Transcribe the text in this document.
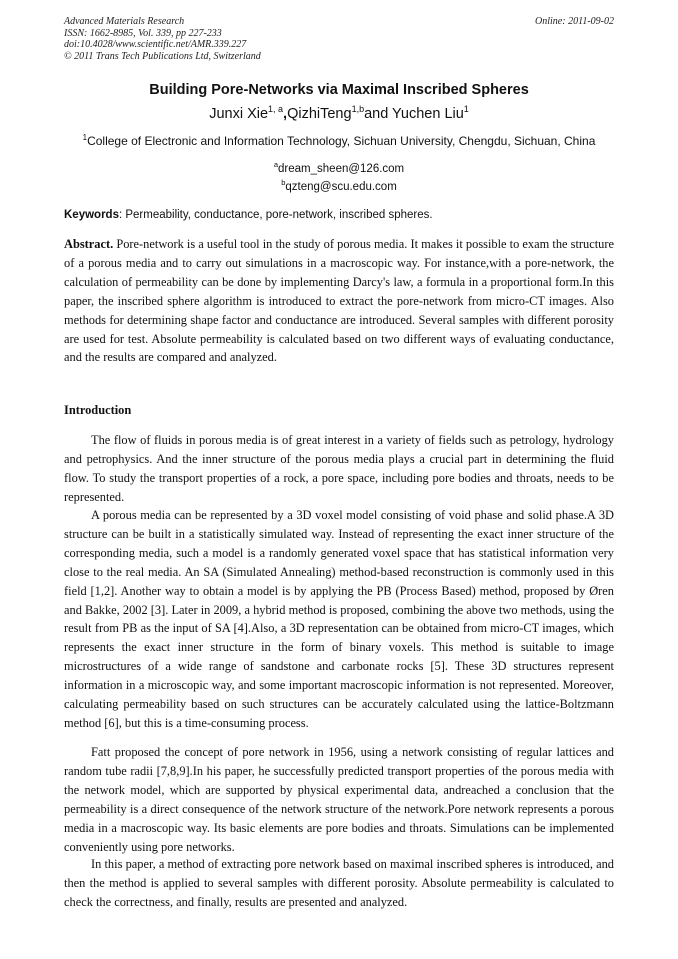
Advanced Materials Research
ISSN: 1662-8985, Vol. 339, pp 227-233
doi:10.4028/www.scientific.net/AMR.339.227
© 2011 Trans Tech Publications Ltd, Switzerland
Online: 2011-09-02
Building Pore-Networks via Maximal Inscribed Spheres
Junxi Xie$^{1, a}$,QizhiTeng$^{1,b}$and Yuchen Liu$^1$
$^1$College of Electronic and Information Technology, Sichuan University, Chengdu, Sichuan, China
$^a$dream_sheen@126.com
$^b$qzteng@scu.edu.com
Keywords: Permeability, conductance, pore-network, inscribed spheres.
Abstract. Pore-network is a useful tool in the study of porous media. It makes it possible to exam the structure of a porous media and to carry out simulations in a macroscopic way. For instance,with a pore-network, the calculation of permeability can be done by implementing Darcy's law, a formula in a proportional form.In this paper, the inscribed sphere algorithm is introduced to extract the pore-network from micro-CT images. Also methods for determining shape factor and conductance are introduced. Several samples with different porosity are used for test. Absolute permeability is calculated based on two different ways of evaluating conductance, and the results are compared and analyzed.
Introduction
The flow of fluids in porous media is of great interest in a variety of fields such as petrology, hydrology and petrophysics. And the inner structure of the porous media plays a crucial part in determining the fluid flow. To study the transport properties of a rock, a pore space, including pore bodies and throats, needs to be represented.
A porous media can be represented by a 3D voxel model consisting of void phase and solid phase.A 3D structure can be built in a statistically simulated way. Instead of representing the exact inner structure of the corresponding media, such a model is a randomly generated voxel space that has statistical information very close to the real media. An SA (Simulated Annealing) method-based reconstruction is commonly used in this field [1,2]. Another way to obtain a model is by applying the PB (Process Based) method, proposed by Øren and Bakke, 2002 [3]. Later in 2009, a hybrid method is proposed, combining the above two methods, using the result from PB as the input of SA [4].Also, a 3D representation can be obtained from micro-CT images, which represents the exact inner structure in the form of binary voxels. This method is suitable to image microstructures of a wide range of sandstone and carbonate rocks [5]. These 3D structures represent information in a microscopic way, and some important macroscopic information is not represented. Moreover, calculating permeability based on such structures can be accurately calculated using the lattice-Boltzmann method [6], but this is a time-consuming process.
Fatt proposed the concept of pore network in 1956, using a network consisting of regular lattices and random tube radii [7,8,9].In his paper, he successfully predicted transport properties of the porous media with the network model, which are supported by physical experimental data, andreached a conclusion that the permeability is a direct consequence of the network structure of the network.Pore network represents a porous media in a macroscopic way. Its basic elements are pore bodies and throats. Simulations can be implemented conveniently using pore networks.
In this paper, a method of extracting pore network based on maximal inscribed spheres is introduced, and then the method is applied to several samples with different porosity. Absolute permeability is calculated to check the correctness, and finally, results are presented and analyzed.
